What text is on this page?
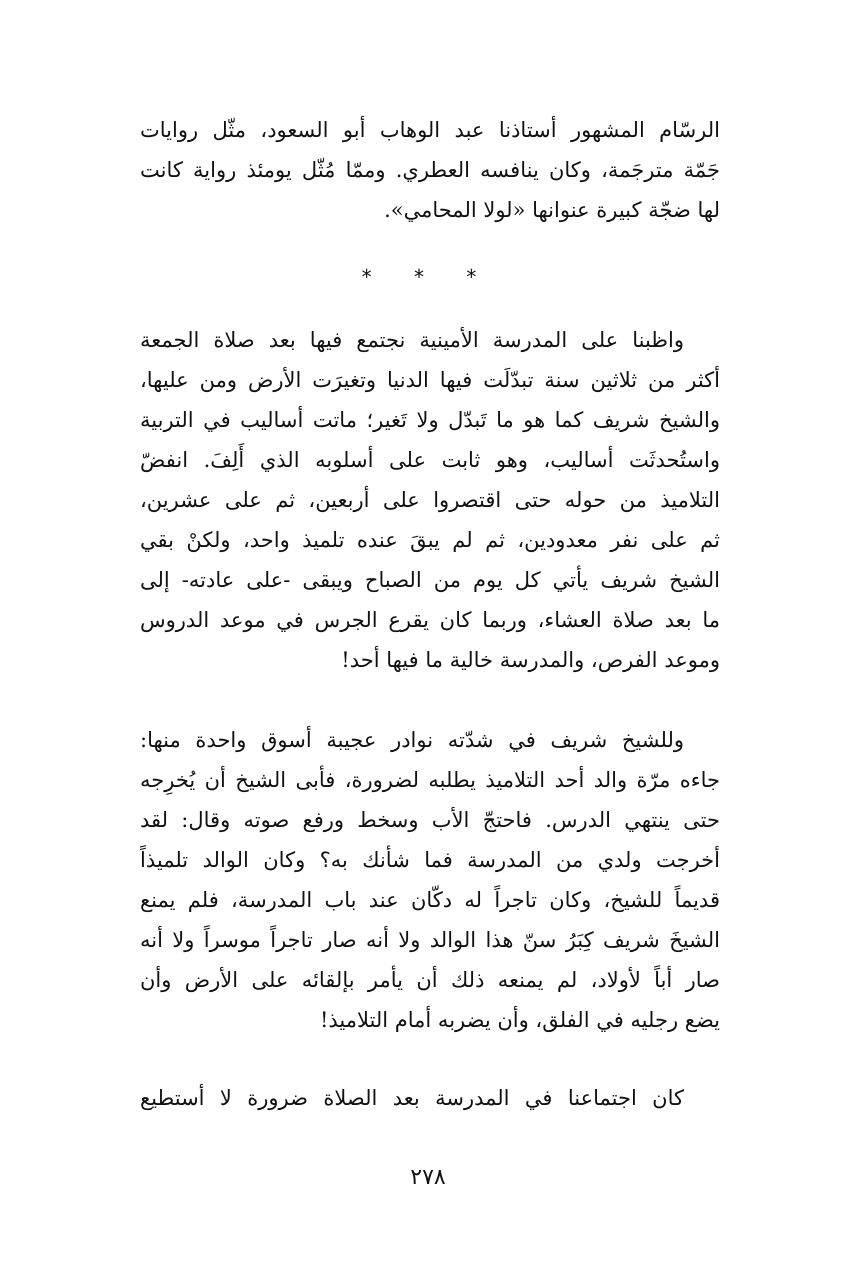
الرسّام المشهور أستاذنا عبد الوهاب أبو السعود، مثّل روايات
جَمّة مترجَمة، وكان ينافسه العطري. وممّا مُثّل يومئذ رواية كانت
لها ضجّة كبيرة عنوانها «لولا المحامي».
* * *
واظبنا على المدرسة الأمينية نجتمع فيها بعد صلاة الجمعة
أكثر من ثلاثين سنة تبدّلَت فيها الدنيا وتغيرَت الأرض ومن عليها،
والشيخ شريف كما هو ما تَبدّل ولا تَغير؛ ماتت أساليب في التربية
واستُحدثَت أساليب، وهو ثابت على أسلوبه الذي أَلِفَ. انفضّ
التلاميذ من حوله حتى اقتصروا على أربعين، ثم على عشرين،
ثم على نفر معدودين، ثم لم يبقَ عنده تلميذ واحد، ولكنْ بقي
الشيخ شريف يأتي كل يوم من الصباح ويبقى -على عادته- إلى
ما بعد صلاة العشاء، وربما كان يقرع الجرس في موعد الدروس
وموعد الفرص، والمدرسة خالية ما فيها أحد!
وللشيخ شريف في شدّته نوادر عجيبة أسوق واحدة منها:
جاءه مرّة والد أحد التلاميذ يطلبه لضرورة، فأبى الشيخ أن يُخرِجه
حتى ينتهي الدرس. فاحتجّ الأب وسخط ورفع صوته وقال: لقد
أخرجت ولدي من المدرسة فما شأنك به؟ وكان الوالد تلميذاً
قديماً للشيخ، وكان تاجراً له دكّان عند باب المدرسة، فلم يمنع
الشيخَ شريف كِبَرُ سنّ هذا الوالد ولا أنه صار تاجراً موسراً ولا أنه
صار أباً لأولاد، لم يمنعه ذلك أن يأمر بإلقائه على الأرض وأن
يضع رجليه في الفلق، وأن يضربه أمام التلاميذ!
كان اجتماعنا في المدرسة بعد الصلاة ضرورة لا أستطيع
٢٧٨
